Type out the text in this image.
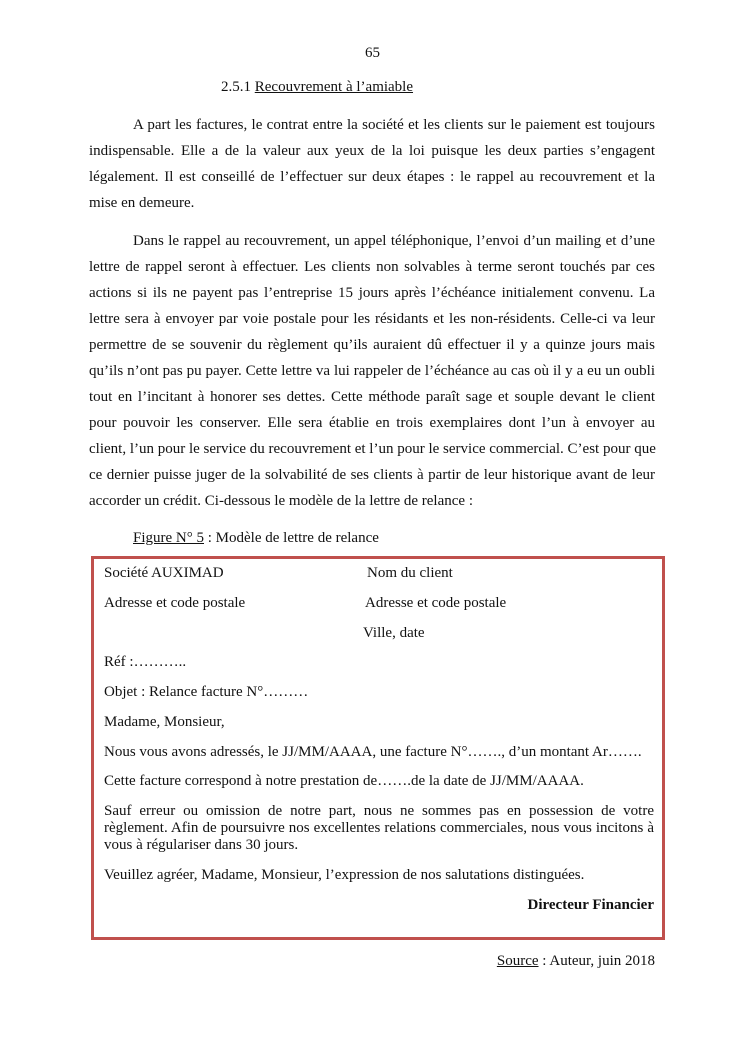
65
2.5.1 Recouvrement à l’amiable
A part les factures, le contrat entre la société et les clients sur le paiement est toujours
indispensable. Elle a de la valeur aux yeux de la loi puisque les deux parties s’engagent
légalement. Il est conseillé de l’effectuer sur deux étapes : le rappel au recouvrement et la
mise en demeure.
Dans le rappel au recouvrement, un appel téléphonique, l’envoi d’un mailing et d’une
lettre de rappel seront à effectuer. Les clients non solvables à terme seront touchés par ces
actions si ils ne payent pas l’entreprise 15 jours après l’échéance initialement convenu. La
lettre sera à envoyer par voie postale pour les résidants et les non-résidents. Celle-ci va leur
permettre de se souvenir du règlement qu’ils auraient dû effectuer il y a quinze jours mais
qu’ils n’ont pas pu payer. Cette lettre va lui rappeler de l’échéance au cas où il y a eu un oubli
tout en l’incitant à honorer ses dettes. Cette méthode paraît sage et souple devant le client
pour pouvoir les conserver. Elle sera établie en trois exemplaires dont l’un à envoyer au
client, l’un pour le service du recouvrement et l’un pour le service commercial. C’est pour que
ce dernier puisse juger de la solvabilité de ses clients à partir de leur historique avant de leur
accorder un crédit. Ci-dessous le modèle de la lettre de relance :
Figure N° 5 : Modèle de lettre de relance
Société AUXIMAD	Nom du client
Adresse et code postale	Adresse et code postale
Ville, date
Réf :………..
Objet : Relance facture N°………
Madame, Monsieur,
Nous vous avons adressés, le JJ/MM/AAAA, une facture N°……., d’un montant Ar…….
Cette facture correspond à notre prestation de…….de la date de JJ/MM/AAAA.
Sauf erreur ou omission de notre part, nous ne sommes pas en possession de votre
règlement. Afin de poursuivre nos excellentes relations commerciales, nous vous incitons à
vous à régulariser dans 30 jours.
Veuillez agréer, Madame, Monsieur, l’expression de nos salutations distinguées.
Directeur Financier
Source : Auteur, juin 2018
